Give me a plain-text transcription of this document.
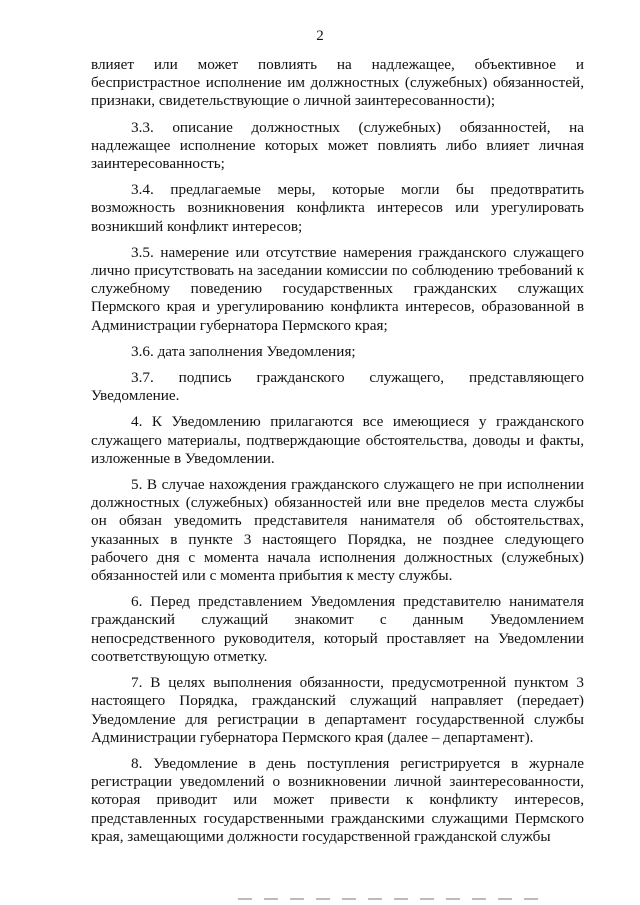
2

влияет или может повлиять на надлежащее, объективное и беспристрастное исполнение им должностных (служебных) обязанностей, признаки, свидетельствующие о личной заинтересованности);

3.3. описание должностных (служебных) обязанностей, на надлежащее исполнение которых может повлиять либо влияет личная заинтересованность;

3.4. предлагаемые меры, которые могли бы предотвратить возможность возникновения конфликта интересов или урегулировать возникший конфликт интересов;

3.5. намерение или отсутствие намерения гражданского служащего лично присутствовать на заседании комиссии по соблюдению требований к служебному поведению государственных гражданских служащих Пермского края и урегулированию конфликта интересов, образованной в Администрации губернатора Пермского края;

3.6. дата заполнения Уведомления;

3.7. подпись гражданского служащего, представляющего Уведомление.

4. К Уведомлению прилагаются все имеющиеся у гражданского служащего материалы, подтверждающие обстоятельства, доводы и факты, изложенные в Уведомлении.

5. В случае нахождения гражданского служащего не при исполнении должностных (служебных) обязанностей или вне пределов места службы он обязан уведомить представителя нанимателя об обстоятельствах, указанных в пункте 3 настоящего Порядка, не позднее следующего рабочего дня с момента начала исполнения должностных (служебных) обязанностей или с момента прибытия к месту службы.

6. Перед представлением Уведомления представителю нанимателя гражданский служащий знакомит с данным Уведомлением непосредственного руководителя, который проставляет на Уведомлении соответствующую отметку.

7. В целях выполнения обязанности, предусмотренной пунктом 3 настоящего Порядка, гражданский служащий направляет (передает) Уведомление для регистрации в департамент государственной службы Администрации губернатора Пермского края (далее – департамент).

8. Уведомление в день поступления регистрируется в журнале регистрации уведомлений о возникновении личной заинтересованности, которая приводит или может привести к конфликту интересов, представленных государственными гражданскими служащими Пермского края, замещающими должности государственной гражданской службы
